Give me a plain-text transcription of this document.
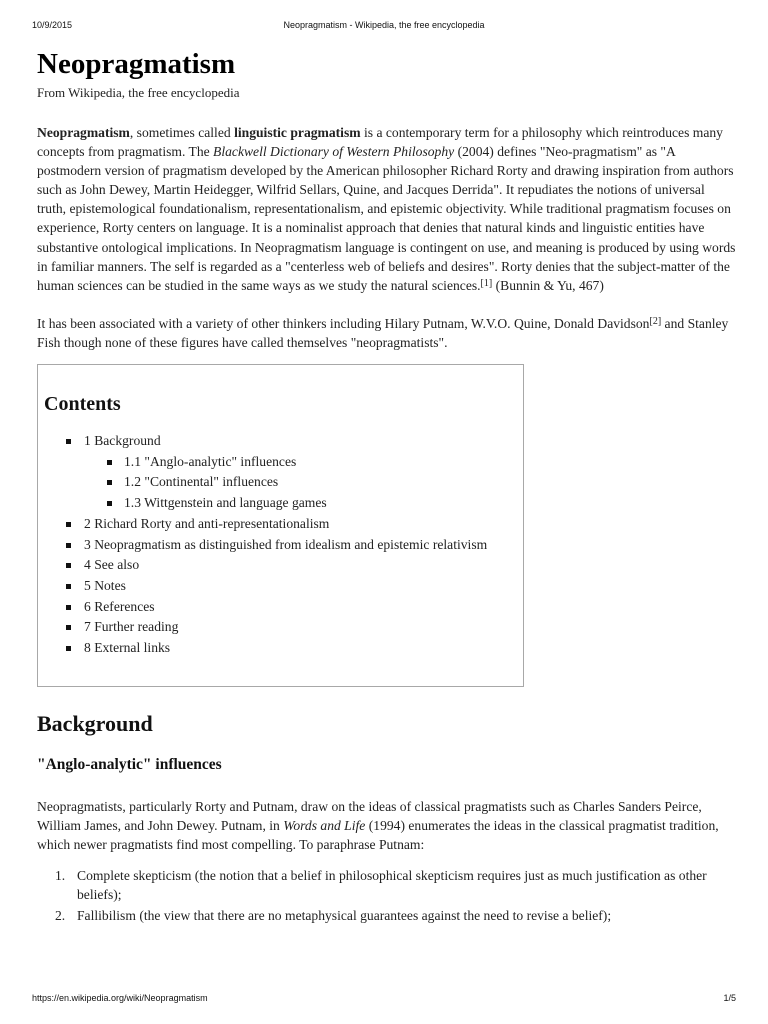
10/9/2015	Neopragmatism - Wikipedia, the free encyclopedia
Neopragmatism

From Wikipedia, the free encyclopedia

Neopragmatism, sometimes called linguistic pragmatism is a contemporary term for a philosophy which reintroduces many concepts from pragmatism. The Blackwell Dictionary of Western Philosophy (2004) defines "Neo-pragmatism" as "A postmodern version of pragmatism developed by the American philosopher Richard Rorty and drawing inspiration from authors such as John Dewey, Martin Heidegger, Wilfrid Sellars, Quine, and Jacques Derrida". It repudiates the notions of universal truth, epistemological foundationalism, representationalism, and epistemic objectivity. While traditional pragmatism focuses on experience, Rorty centers on language. It is a nominalist approach that denies that natural kinds and linguistic entities have substantive ontological implications. In Neopragmatism language is contingent on use, and meaning is produced by using words in familiar manners. The self is regarded as a "centerless web of beliefs and desires". Rorty denies that the subject-matter of the human sciences can be studied in the same ways as we study the natural sciences.[1] (Bunnin & Yu, 467)

It has been associated with a variety of other thinkers including Hilary Putnam, W.V.O. Quine, Donald Davidson[2] and Stanley Fish though none of these figures have called themselves "neopragmatists".

Contents
1 Background
1.1 "Anglo-analytic" influences
1.2 "Continental" influences
1.3 Wittgenstein and language games
2 Richard Rorty and anti-representationalism
3 Neopragmatism as distinguished from idealism and epistemic relativism
4 See also
5 Notes
6 References
7 Further reading
8 External links
Background
"Anglo-analytic" influences

Neopragmatists, particularly Rorty and Putnam, draw on the ideas of classical pragmatists such as Charles Sanders Peirce, William James, and John Dewey. Putnam, in Words and Life (1994) enumerates the ideas in the classical pragmatist tradition, which newer pragmatists find most compelling. To paraphrase Putnam:

1. Complete skepticism (the notion that a belief in philosophical skepticism requires just as much justification as other beliefs);
2. Fallibilism (the view that there are no metaphysical guarantees against the need to revise a belief);
https://en.wikipedia.org/wiki/Neopragmatism	1/5
